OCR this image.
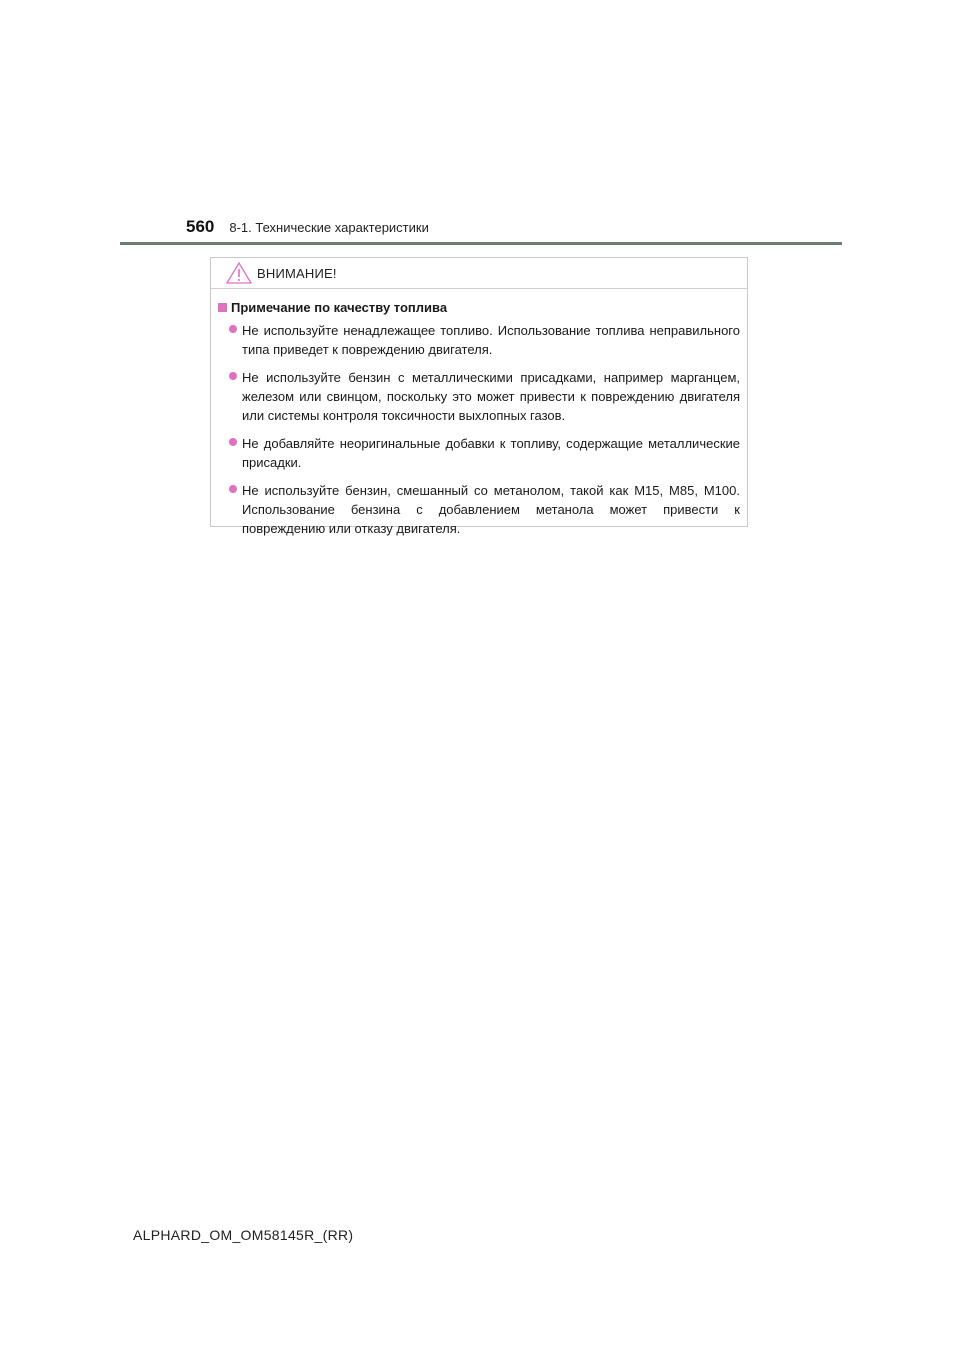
560 8-1. Технические характеристики
ВНИМАНИЕ!
Примечание по качеству топлива
Не используйте ненадлежащее топливо. Использование топлива неправильного типа приведет к повреждению двигателя.
Не используйте бензин с металлическими присадками, например марганцем, железом или свинцом, поскольку это может привести к повреждению двигателя или системы контроля токсичности выхлопных газов.
Не добавляйте неоригинальные добавки к топливу, содержащие металлические присадки.
Не используйте бензин, смешанный со метанолом, такой как M15, M85, M100. Использование бензина с добавлением метанола может привести к повреждению или отказу двигателя.
ALPHARD_OM_OM58145R_(RR)
